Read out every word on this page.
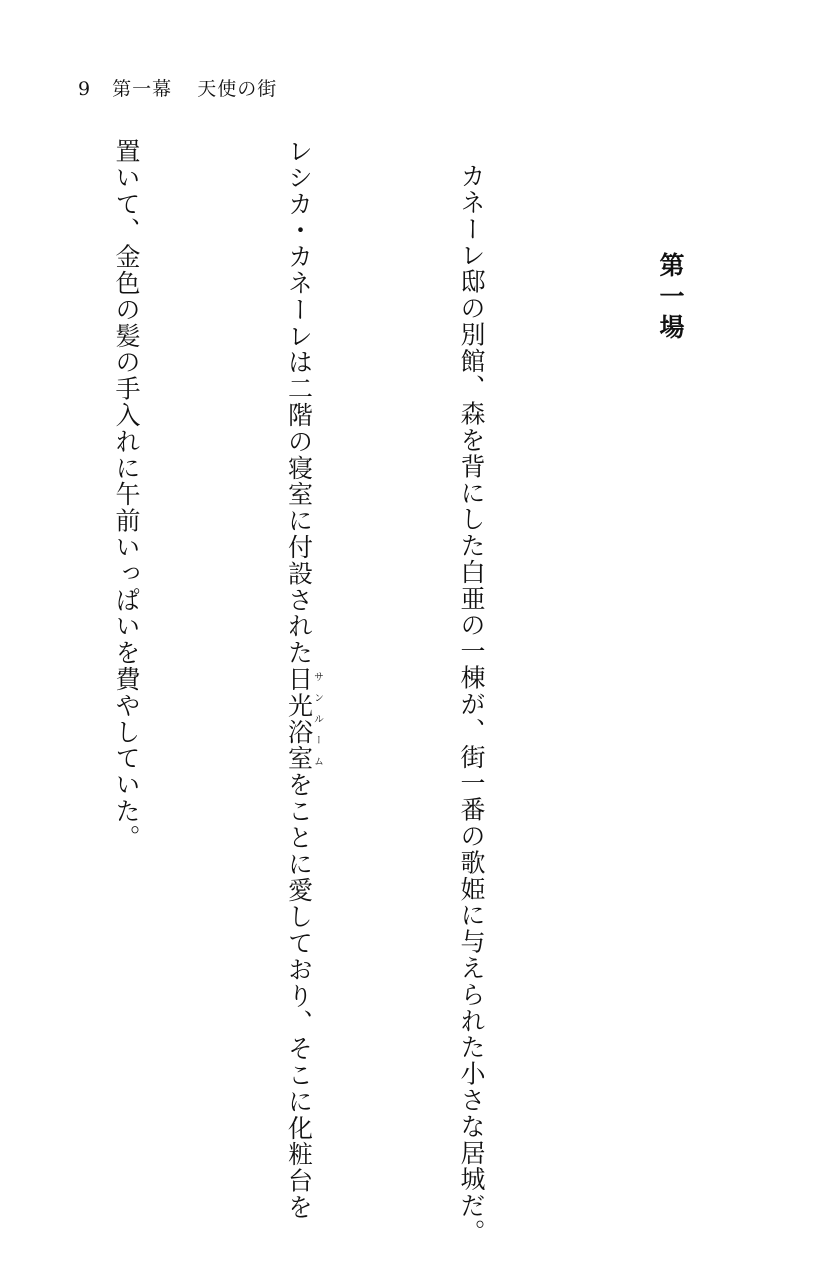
9 第一幕 天使の街
第一場

カネーレ邸の別館、森を背にした白亜の一棟が、街一番の歌姫に与えられた小さな居城だ。

レシカ・カネーレは二階の寝室に付設された日光浴室サンルームをことに愛しており、そこに化粧台を

置いて、金色の髪の手入れに午前いっぱいを費やしていた。
